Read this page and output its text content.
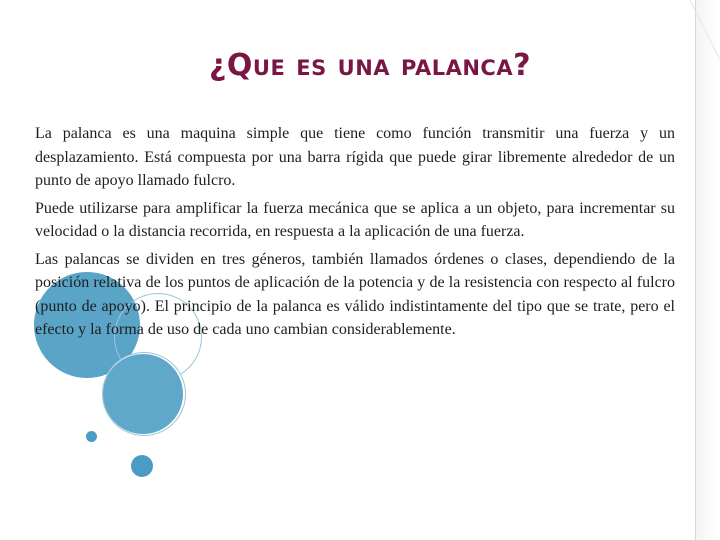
¿Que es una palanca?

La palanca es una maquina simple que tiene como función transmitir una fuerza y un desplazamiento. Está compuesta por una barra rígida que puede girar libremente alrededor de un punto de apoyo llamado fulcro.

Puede utilizarse para amplificar la fuerza mecánica que se aplica a un objeto, para incrementar su velocidad o la distancia recorrida, en respuesta a la aplicación de una fuerza.

Las palancas se dividen en tres géneros, también llamados órdenes o clases, dependiendo de la posición relativa de los puntos de aplicación de la potencia y de la resistencia con respecto al fulcro (punto de apoyo). El principio de la palanca es válido indistintamente del tipo que se trate, pero el efecto y la forma de uso de cada uno cambian considerablemente.
